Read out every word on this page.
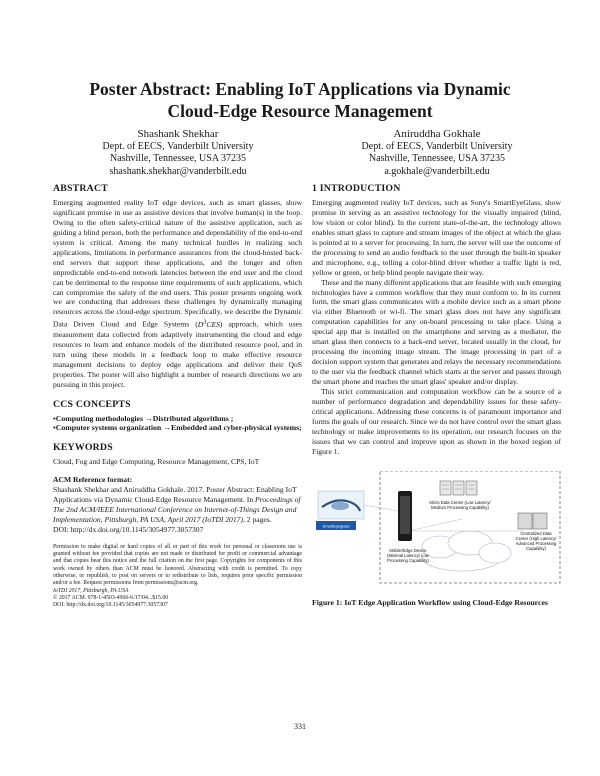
Poster Abstract: Enabling IoT Applications via Dynamic
Cloud-Edge Resource Management
Shashank Shekhar
Dept. of EECS, Vanderbilt University
Nashville, Tennessee, USA 37235
shashank.shekhar@vanderbilt.edu
Aniruddha Gokhale
Dept. of EECS, Vanderbilt University
Nashville, Tennessee, USA 37235
a.gokhale@vanderbilt.edu
ABSTRACT

Emerging augmented reality IoT edge devices, such as smart glasses, show significant promise in use as assistive devices that involve human(s) in the loop. Owing to the often safety-critical nature of the assistive application, such as guiding a blind person, both the performance and dependability of the end-to-end system is critical. Among the many technical hurdles in realizing such applications, limitations in performance assurances from the cloud-hosted back-end servers that support these applications, and the longer and often unpredictable end-to-end network latencies between the end user and the cloud can be detrimental to the response time requirements of such applications, which can compromise the safety of the end users. This poster presents ongoing work we are conducting that addresses these challenges by dynamically managing resources across the cloud-edge spectrum. Specifically, we describe the Dynamic Data Driven Cloud and Edge Systems $(D^3CES)$ approach, which uses measurement data collected from adaptively instrumenting the cloud and edge resources to learn and enhance models of the distributed resource pool, and in turn using these models in a feedback loop to make effective resource management decisions to deploy edge applications and deliver their QoS properties. The poster will also highlight a number of research directions we are pursuing in this project.

CCS CONCEPTS
•Computing methodologies →Distributed algorithms ;
•Computer systems organization →Embedded and cyber-physical systems;
KEYWORDS

Cloud, Fog and Edge Computing, Resource Management, CPS, IoT

ACM Reference format:

Shashank Shekhar and Aniruddha Gokhale. 2017. Poster Abstract: Enabling IoT Applications via Dynamic Cloud-Edge Resource Management. In Proceedings of The 2nd ACM/IEEE International Conference on Internet-of-Things Design and Implementation, Pittsburgh, PA USA, April 2017 (IoTDI 2017), 2 pages.

DOI: http://dx.doi.org/10.1145/3054977.3057307

Permission to make digital or hard copies of all or part of this work for personal or classroom use is granted without fee provided that copies are not made or distributed for profit or commercial advantage and that copies bear this notice and the full citation on the first page. Copyrights for components of this work owned by others than ACM must be honored. Abstracting with credit is permitted. To copy otherwise, or republish, to post on servers or to redistribute to lists, requires prior specific permission and/or a fee. Request permissions from permissions@acm.org.

IoTDI 2017, Pittsburgh, PA USA
© 2017 ACM. 978-1-4503-4966-6/17/04...$15.00
DOI: http://dx.doi.org/10.1145/3054977.3057307
1 INTRODUCTION

Emerging augmented reality IoT devices, such as Sony's SmartEyeGlass, show promise in serving as an assistive technology for the visually impaired (blind, low vision or color blind). In the current state-of-the-art, the technology allows enables smart glass to capture and stream images of the object at which the glass is pointed at to a server for processing. In turn, the server will use the outcome of the processing to send an audio feedback to the user through the built-in speaker and microphone, e.g., telling a color-blind driver whether a traffic light is red, yellow or green, or help blind people navigate their way.

These and the many different applications that are feasible with such emerging technologies have a common workflow that they must conform to. In its current form, the smart glass communicates with a mobile device such as a smart phone via either Bluetooth or wi-fi. The smart glass does not have any significant computation capabilities for any on-board processing to take place. Using a special app that is installed on the smartphone and serving as a mediator, the smart glass then connects to a back-end server, located usually in the cloud, for processing the incoming image stream. The image processing in part of a decision support system that generates and relays the necessary recommendations to the user via the feedback channel which starts at the server and passes through the smart phone and reaches the smart glass' speaker and/or display.

This strict communication and computation workflow can be a source of a number of performance degradation and dependability issues for these safety-critical applications. Addressing these concerns is of paramount importance and forms the goals of our research. Since we do not have control over the smart glass technology or make improvements to its operation, our research focuses on the issues that we can control and improve upon as shown in the boxed region of Figure 1.

Micro Data Center (Low Latency/
Medium Processing Capability)
Centralized Data
Center (High Latency/
Advanced Processing
Capability)
Mobile/Edge Device
(Minimal Latency/ Low
Processing Capability)
SmartEyeglass
Figure 1: IoT Edge Application Workflow using Cloud-Edge Resources
331
